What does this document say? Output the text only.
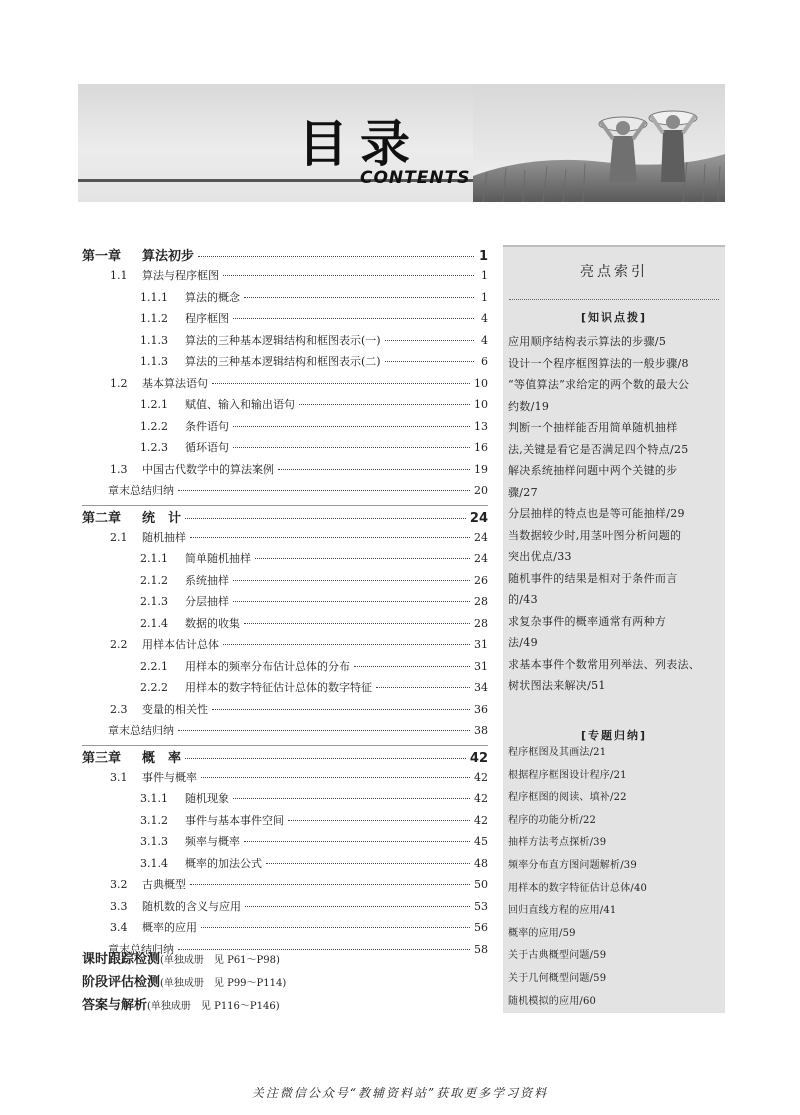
目录
CONTENTS
第一章	算法初步	1
1.1	算法与程序框图	1
1.1.1	算法的概念	1
1.1.2	程序框图	4
1.1.3	算法的三种基本逻辑结构和框图表示(一)	4
1.1.3	算法的三种基本逻辑结构和框图表示(二)	6
1.2	基本算法语句	10
1.2.1	赋值、输入和输出语句	10
1.2.2	条件语句	13
1.2.3	循环语句	16
1.3	中国古代数学中的算法案例	19
章末总结归纳	20
第二章	统　计	24
2.1	随机抽样	24
2.1.1	简单随机抽样	24
2.1.2	系统抽样	26
2.1.3	分层抽样	28
2.1.4	数据的收集	28
2.2	用样本估计总体	31
2.2.1	用样本的频率分布估计总体的分布	31
2.2.2	用样本的数字特征估计总体的数字特征	34
2.3	变量的相关性	36
章末总结归纳	38
第三章	概　率	42
3.1	事件与概率	42
3.1.1	随机现象	42
3.1.2	事件与基本事件空间	42
3.1.3	频率与概率	45
3.1.4	概率的加法公式	48
3.2	古典概型	50
3.3	随机数的含义与应用	53
3.4	概率的应用	56
章末总结归纳	58
课时跟踪检测(单独成册　见 P61～P98)
阶段评估检测(单独成册　见 P99～P114)
答案与解析(单独成册　见 P116～P146)
亮点索引
[知识点拨]
应用顺序结构表示算法的步骤/5
设计一个程序框图算法的一般步骤/8
“等值算法”求给定的两个数的最大公
约数/19
判断一个抽样能否用简单随机抽样
法,关键是看它是否满足四个特点/25
解决系统抽样问题中两个关键的步
骤/27
分层抽样的特点也是等可能抽样/29
当数据较少时,用茎叶图分析问题的
突出优点/33
随机事件的结果是相对于条件而言
的/43
求复杂事件的概率通常有两种方
法/49
求基本事件个数常用列举法、列表法、
树状图法来解决/51
[专题归纳]
程序框图及其画法/21
根据程序框图设计程序/21
程序框图的阅读、填补/22
程序的功能分析/22
抽样方法考点探析/39
频率分布直方图问题解析/39
用样本的数字特征估计总体/40
回归直线方程的应用/41
概率的应用/59
关于古典概型问题/59
关于几何概型问题/59
随机模拟的应用/60
关注微信公众号“教辅资料站”获取更多学习资料
